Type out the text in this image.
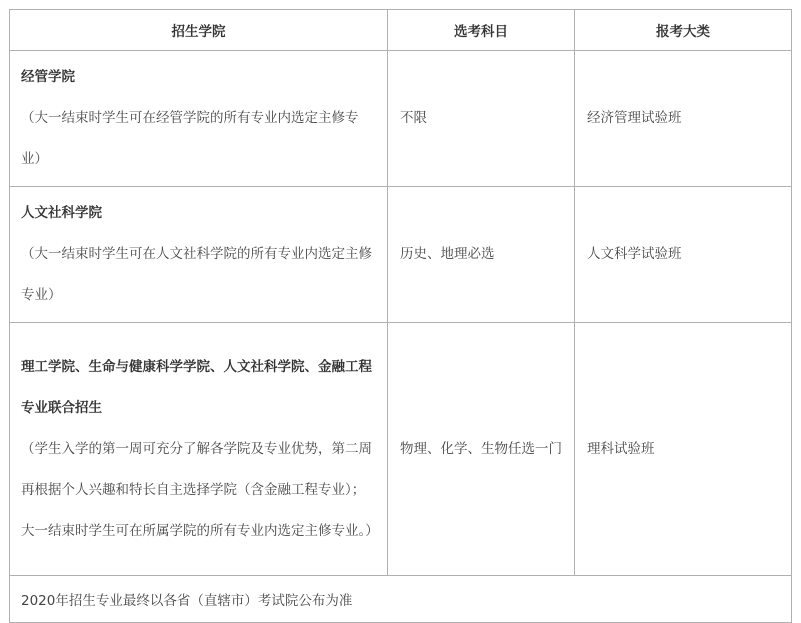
招生学院	选考科目	报考大类

经管学院
（大一结束时学生可在经管学院的所有专业内选定主修专业）	不限	经济管理试验班

人文社科学院
（大一结束时学生可在人文社科学院的所有专业内选定主修专业）	历史、地理必选	人文科学试验班

理工学院、生命与健康科学学院、人文社科学院、金融工程专业联合招生
（学生入学的第一周可充分了解各学院及专业优势，第二周再根据个人兴趣和特长自主选择学院（含金融工程专业）；大一结束时学生可在所属学院的所有专业内选定主修专业。）	物理、化学、生物任选一门	理科试验班
2020年招生专业最终以各省（直辖市）考试院公布为准		
